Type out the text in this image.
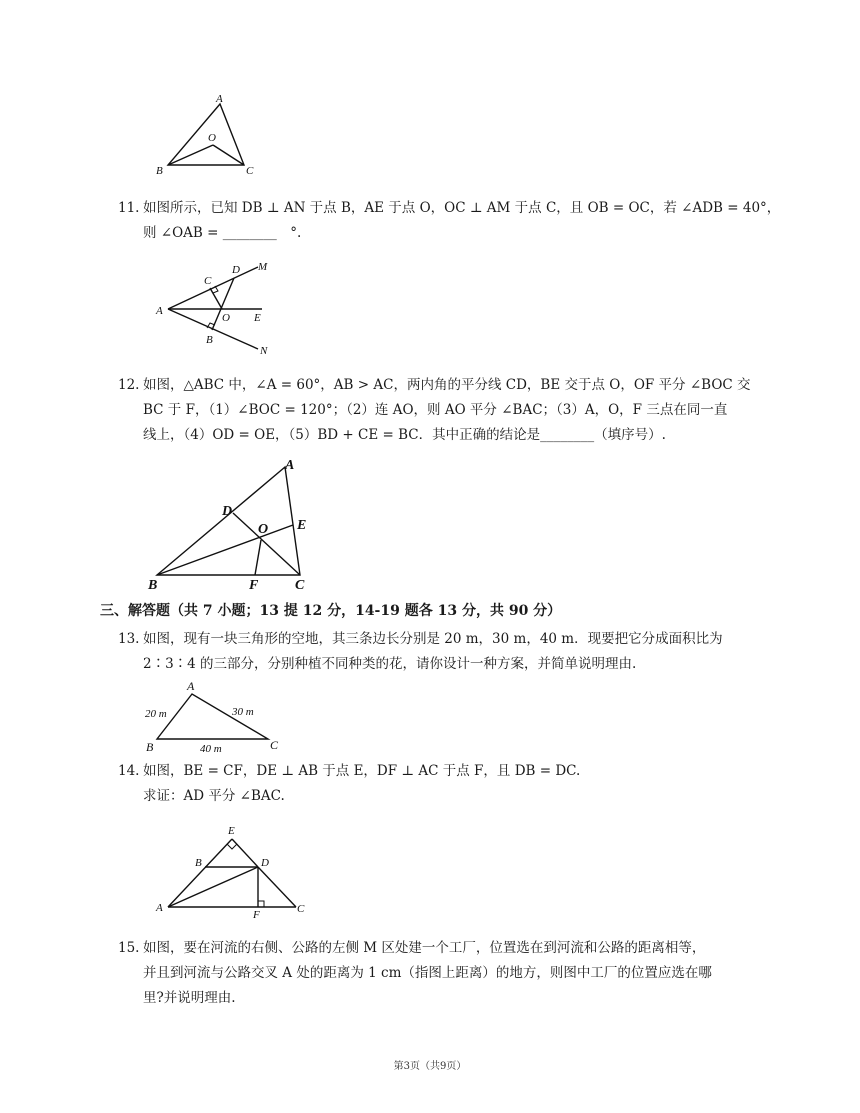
A
O
B	C
11. 如图所示，已知 DB ⊥ AN 于点 B，AE 于点 O，OC ⊥ AM 于点 C，且 OB = OC，若 ∠ADB = 40°，
则 ∠OAB = ________　°.
C
D M
A
O E
B
N
12. 如图，△ABC 中，∠A = 60°，AB > AC，两内角的平分线 CD，BE 交于点 O，OF 平分 ∠BOC 交
BC 于 F，（1）∠BOC = 120°；（2）连 AO，则 AO 平分 ∠BAC；（3）A，O，F 三点在同一直
线上，（4）OD = OE，（5）BD + CE = BC．其中正确的结论是________（填序号）.
A
D
O E
B	F	C
三、解答题（共 7 小题；13 提 12 分，14-19 题各 13 分，共 90 分）
13. 如图，现有一块三角形的空地，其三条边长分别是 20 m，30 m，40 m．现要把它分成面积比为
2∶3∶4 的三部分，分别种植不同种类的花，请你设计一种方案，并简单说明理由.
A
B	C
20 m	30 m
40 m
14. 如图，BE = CF，DE ⊥ AB 于点 E，DF ⊥ AC 于点 F，且 DB = DC.
求证：AD 平分 ∠BAC.
E
B	D
A
F	C
15. 如图，要在河流的右侧、公路的左侧 M 区处建一个工厂，位置选在到河流和公路的距离相等，
并且到河流与公路交叉 A 处的距离为 1 cm（指图上距离）的地方，则图中工厂的位置应选在哪
里?并说明理由.
第3页（共9页）
